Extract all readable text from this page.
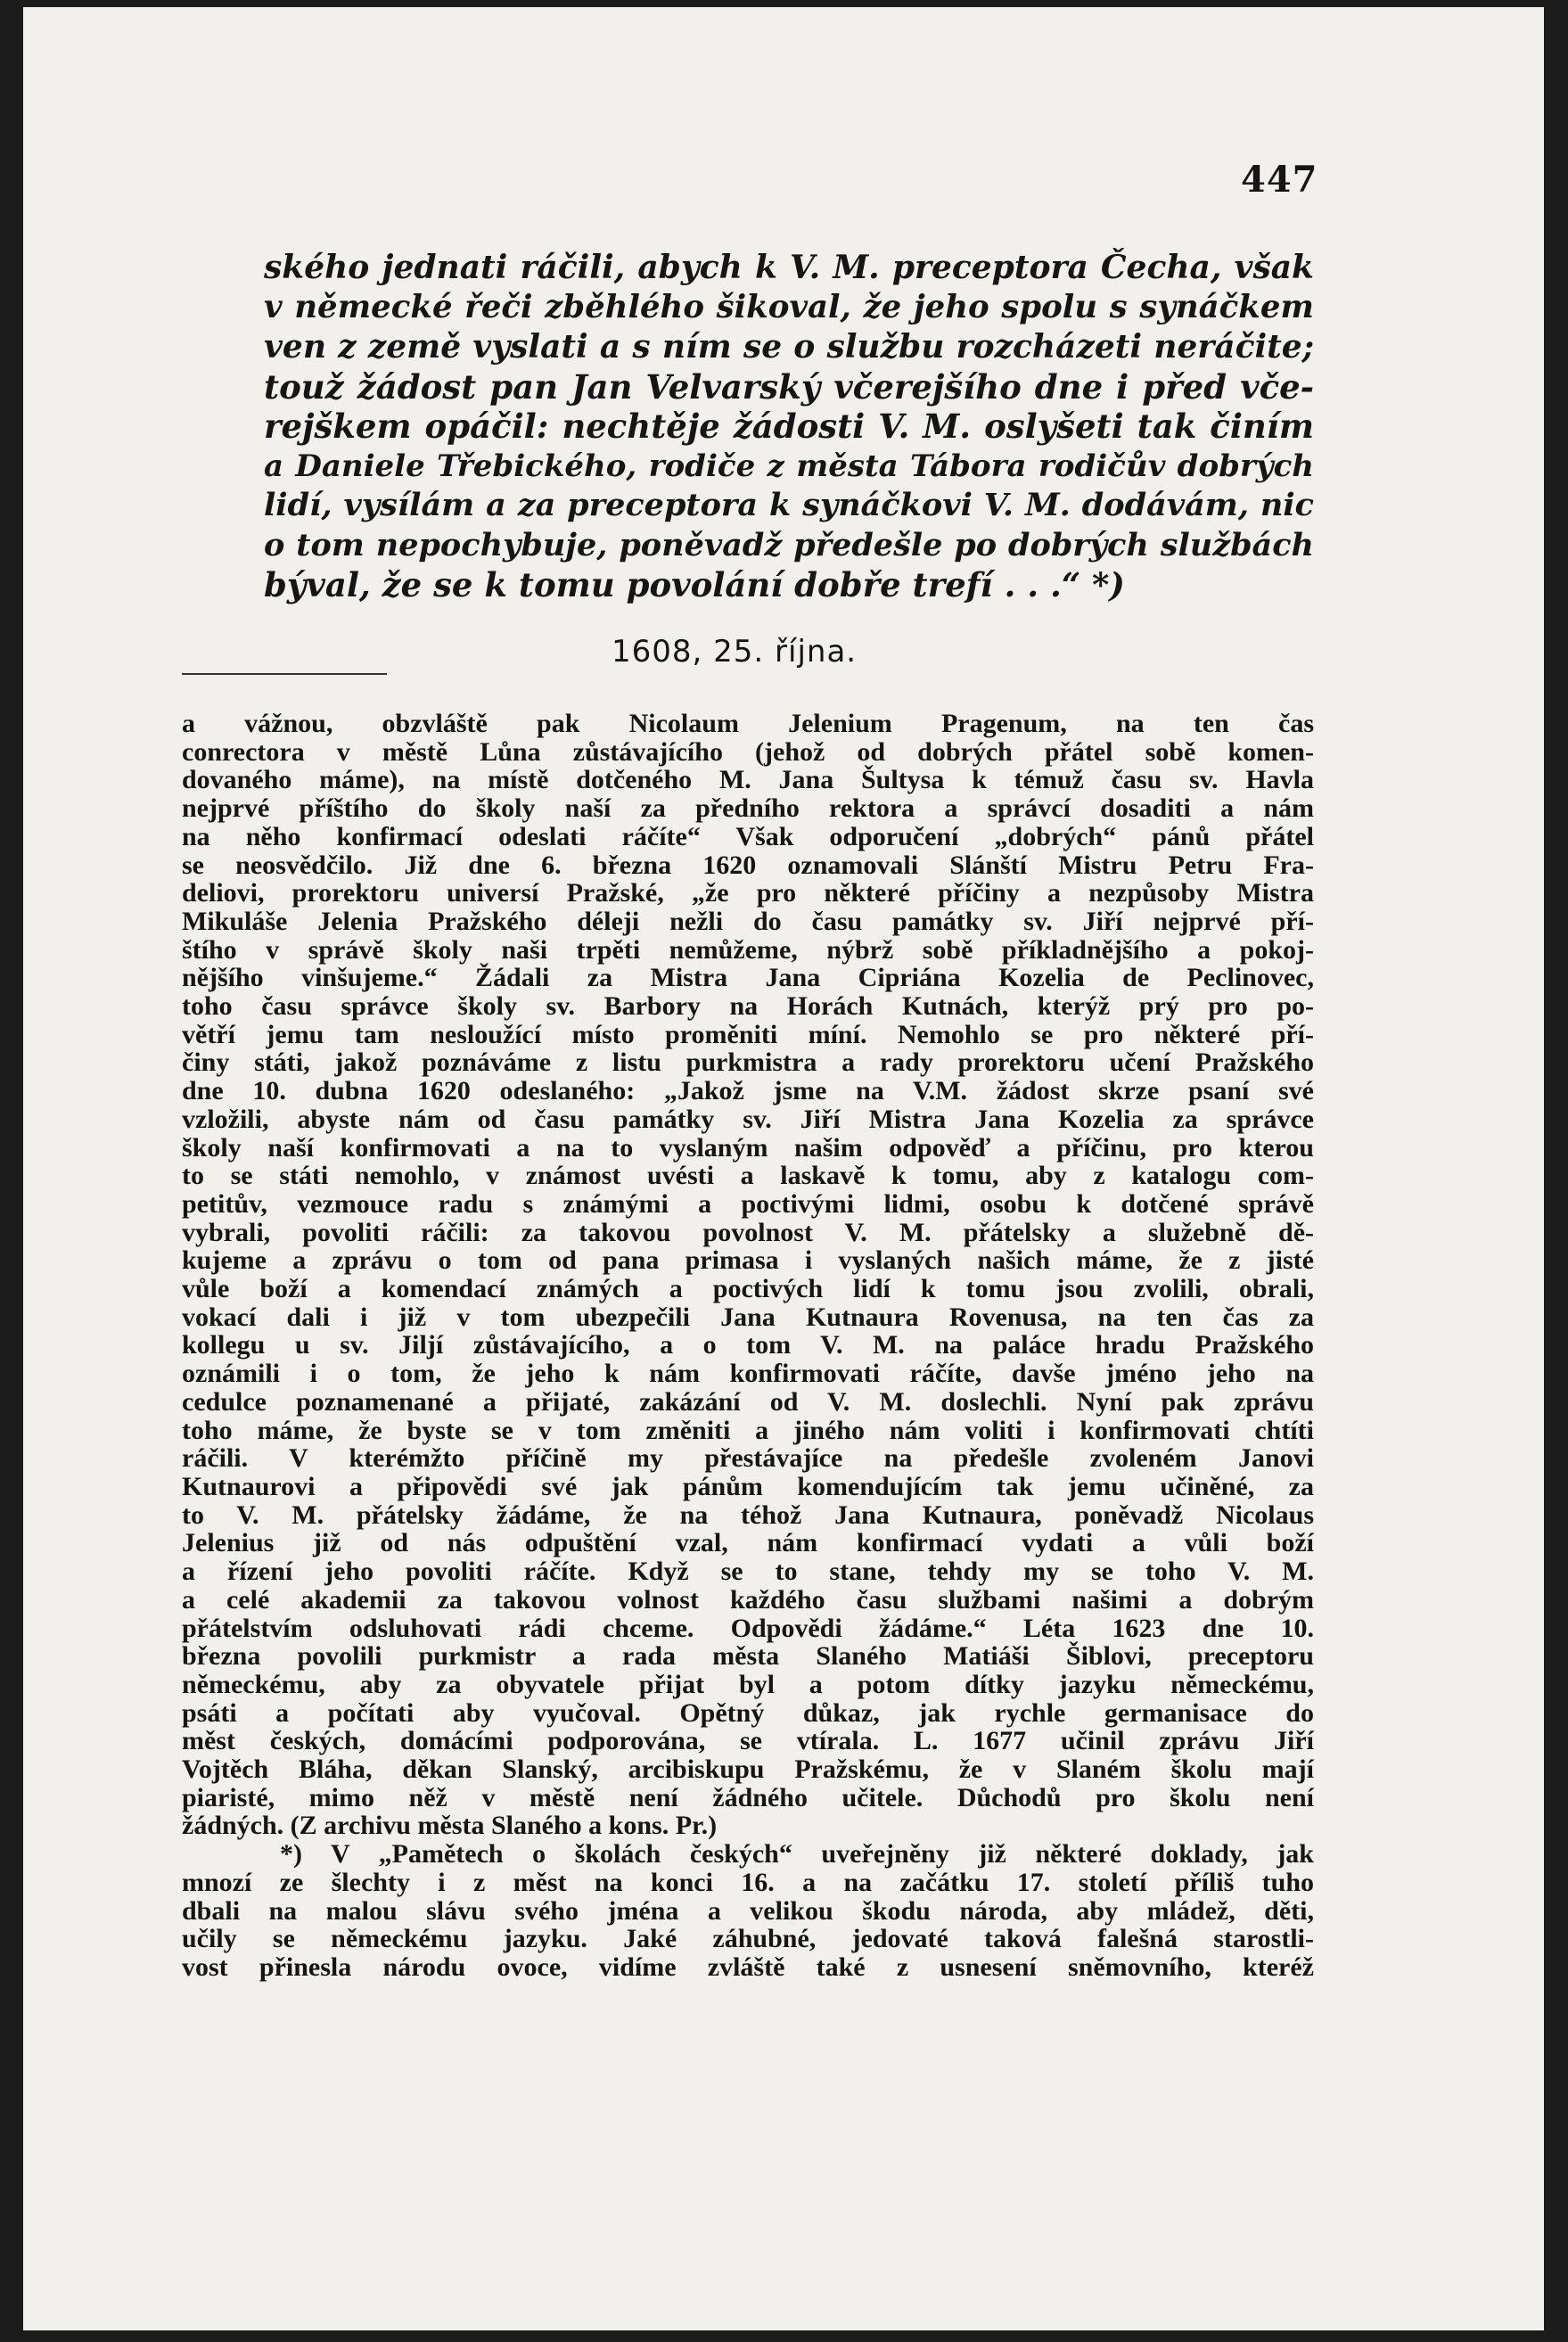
447
ského jednati ráčili, abych k V. M. preceptora Čecha, však
v německé řeči zběhlého šikoval, že jeho spolu s synáčkem
ven z země vyslati a s ním se o službu rozcházeti neráčite;
touž žádost pan Jan Velvarský včerejšího dne i před vče-
rejškem opáčil: nechtěje žádosti V. M. oslyšeti tak činím
a Daniele Třebického, rodiče z města Tábora rodičův dobrých
lidí, vysílám a za preceptora k synáčkovi V. M. dodávám, nic
o tom nepochybuje, poněvadž předešle po dobrých službách
býval, že se k tomu povolání dobře trefí . . .“ *)
1608, 25. října.
a vážnou, obzvláště pak Nicolaum Jelenium Pragenum, na ten čas
conrectora v městě Lůna zůstávajícího (jehož od dobrých přátel sobě komen-
dovaného máme), na místě dotčeného M. Jana Šultysa k témuž času sv. Havla
nejprvé příštího do školy naší za předního rektora a správcí dosaditi a nám
na něho konfirmací odeslati ráčíte“ Však odporučení „dobrých“ pánů přátel
se neosvědčilo. Již dne 6. března 1620 oznamovali Slánští Mistru Petru Fra-
deliovi, prorektoru universí Pražské, „že pro některé příčiny a nezpůsoby Mistra
Mikuláše Jelenia Pražského déleji nežli do času památky sv. Jiří nejprvé pří-
štího v správě školy naši trpěti nemůžeme, nýbrž sobě příkladnějšího a pokoj-
nějšího vinšujeme.“ Žádali za Mistra Jana Cipriána Kozelia de Peclinovec,
toho času správce školy sv. Barbory na Horách Kutnách, kterýž prý pro po-
větří jemu tam nesloužící místo proměniti míní. Nemohlo se pro některé pří-
činy státi, jakož poznáváme z listu purkmistra a rady prorektoru učení Pražského
dne 10. dubna 1620 odeslaného: „Jakož jsme na V.M. žádost skrze psaní své
vzložili, abyste nám od času památky sv. Jiří Mistra Jana Kozelia za správce
školy naší konfirmovati a na to vyslaným našim odpověď a příčinu, pro kterou
to se státi nemohlo, v známost uvésti a laskavě k tomu, aby z katalogu com-
petitův, vezmouce radu s známými a poctivými lidmi, osobu k dotčené správě
vybrali, povoliti ráčili: za takovou povolnost V. M. přátelsky a služebně dě-
kujeme a zprávu o tom od pana primasa i vyslaných našich máme, že z jisté
vůle boží a komendací známých a poctivých lidí k tomu jsou zvolili, obrali,
vokací dali i již v tom ubezpečili Jana Kutnaura Rovenusa, na ten čas za
kollegu u sv. Jiljí zůstávajícího, a o tom V. M. na paláce hradu Pražského
oznámili i o tom, že jeho k nám konfirmovati ráčíte, davše jméno jeho na
cedulce poznamenané a přijaté, zakázání od V. M. doslechli. Nyní pak zprávu
toho máme, že byste se v tom změniti a jiného nám voliti i konfirmovati chtíti
ráčili. V kterémžto příčině my přestávajíce na předešle zvoleném Janovi
Kutnaurovi a připovědi své jak pánům komendujícím tak jemu učiněné, za
to V. M. přátelsky žádáme, že na téhož Jana Kutnaura, poněvadž Nicolaus
Jelenius již od nás odpuštění vzal, nám konfirmací vydati a vůli boží
a řízení jeho povoliti ráčíte. Když se to stane, tehdy my se toho V. M.
a celé akademii za takovou volnost každého času službami našimi a dobrým
přátelstvím odsluhovati rádi chceme. Odpovědi žádáme.“ Léta 1623 dne 10.
března povolili purkmistr a rada města Slaného Matiáši Šiblovi, preceptoru
německému, aby za obyvatele přijat byl a potom dítky jazyku německému,
psáti a počítati aby vyučoval. Opětný důkaz, jak rychle germanisace do
měst českých, domácími podporována, se vtírala. L. 1677 učinil zprávu Jiří
Vojtěch Bláha, děkan Slanský, arcibiskupu Pražskému, že v Slaném školu mají
piaristé, mimo něž v městě není žádného učitele. Důchodů pro školu není
žádných. (Z archivu města Slaného a kons. Pr.)
*) V „Pamětech o školách českých“ uveřejněny již některé doklady, jak
mnozí ze šlechty i z měst na konci 16. a na začátku 17. století příliš tuho
dbali na malou slávu svého jména a velikou škodu národa, aby mládež, děti,
učily se německému jazyku. Jaké záhubné, jedovaté taková falešná starostli-
vost přinesla národu ovoce, vidíme zvláště také z usnesení sněmovního, kteréž
